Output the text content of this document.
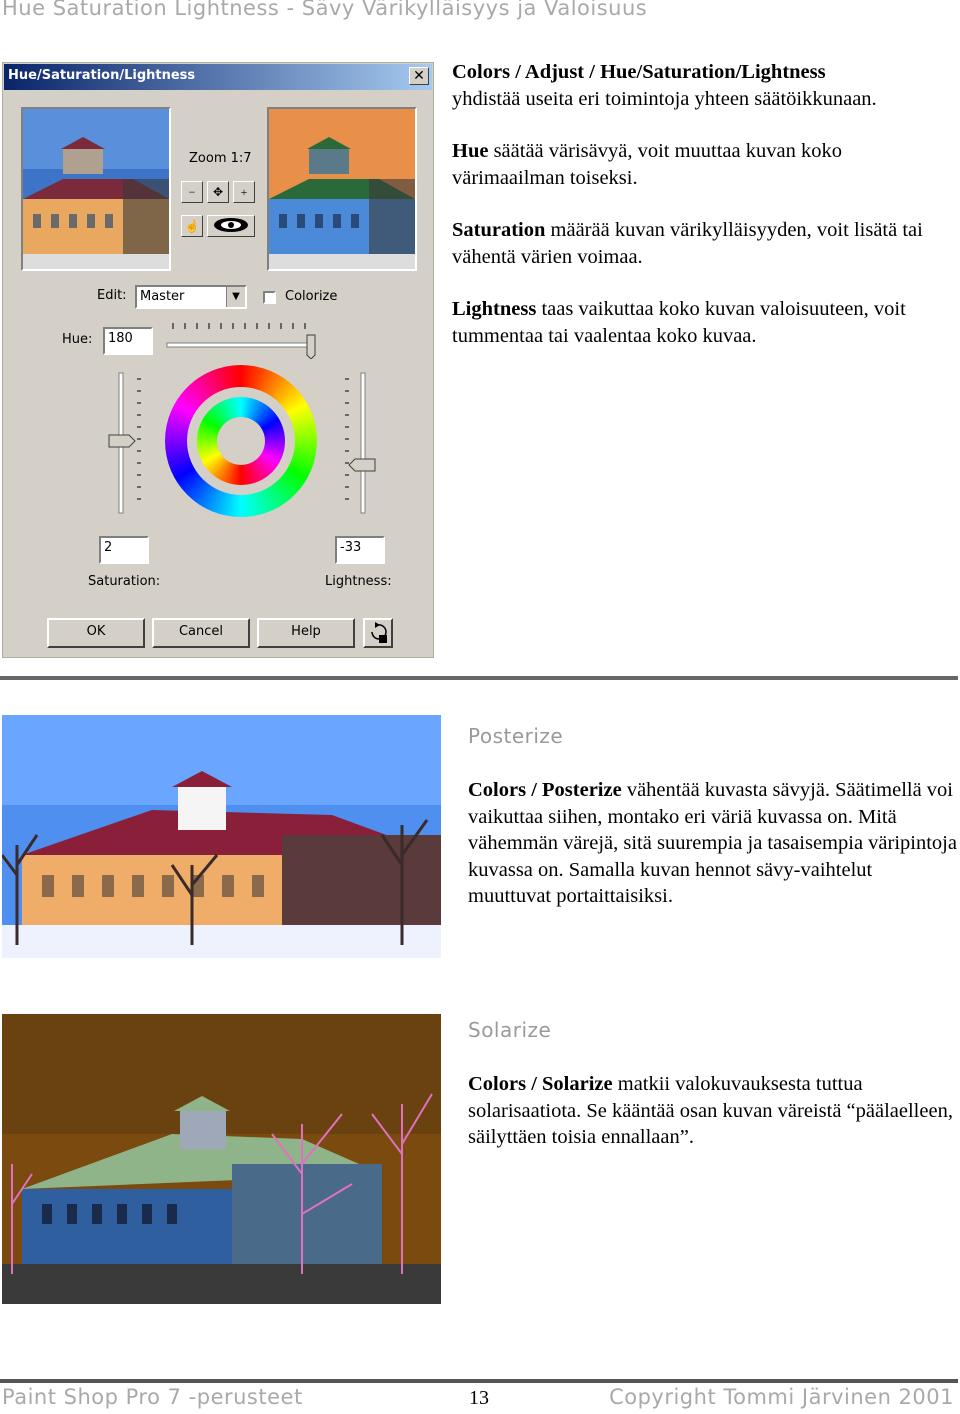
Hue Saturation Lightness - Sävy Värikylläisyys ja Valoisuus
Hue/Saturation/Lightness	✕
Zoom 1:7
−	✥	+
☝
Edit:	Master	▼	Colorize
Hue:	180
2
Saturation:
-33
Lightness:
OK	Cancel	Help
Colors / Adjust / Hue/Saturation/Lightness
yhdistää useita eri toimintoja yhteen säätöikkunaan.
Hue säätää värisävyä, voit muuttaa kuvan koko värimaailman toiseksi.
Saturation määrää kuvan värikylläisyyden, voit lisätä tai vähentä värien voimaa.
Lightness taas vaikuttaa koko kuvan valoisuuteen, voit tummentaa tai vaalentaa koko kuvaa.
Posterize
Colors / Posterize vähentää kuvasta sävyjä. Säätimellä voi vaikuttaa siihen, montako eri väriä kuvassa on. Mitä vähemmän värejä, sitä suurempia ja tasaisempia väripintoja kuvassa on. Samalla kuvan hennot sävy-vaihtelut muuttuvat portaittaisiksi.
Solarize
Colors / Solarize matkii valokuvauksesta tuttua solarisaatiota. Se kääntää osan kuvan väreistä “päälaelleen, säilyttäen toisia ennallaan”.
Paint Shop Pro 7 -perusteet	13	Copyright Tommi Järvinen 2001
